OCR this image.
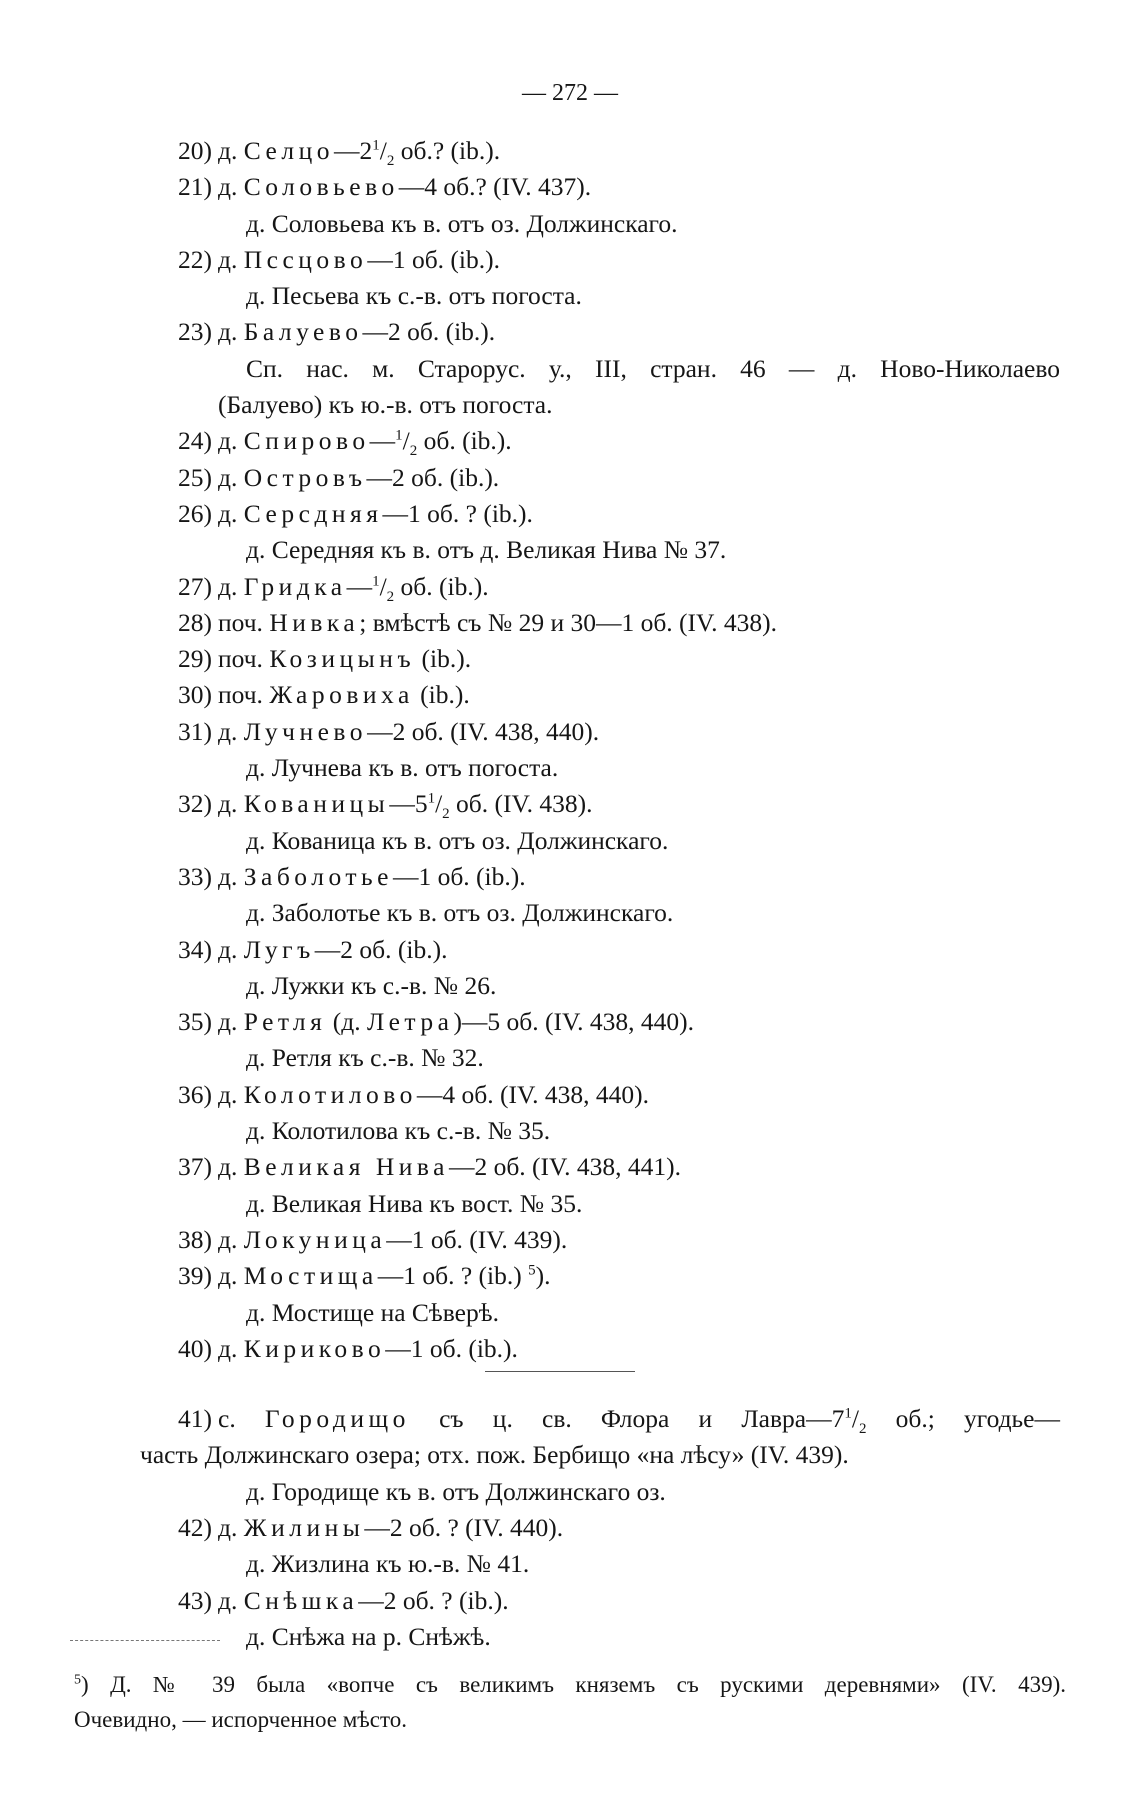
— 272 —
20) д. $Селцо—2^1/_2$ об.? (ib.).
21) д. Соловьево—4 об.? (IV. 437).
д. Соловьева къ в. отъ оз. Должинскаго.
22) д. Пссцово—1 об. (ib.).
д. Песьева къ с.-в. отъ погоста.
23) д. Балуево—2 об. (ib.).
Сп. нас. м. Старорус. у., III, стран. 46 — д. Ново-Николаево
(Балуево) къ ю.-в. отъ погоста.
24) д. $Спирово—^1/_2$ об. (ib.).
25) д. Островъ—2 об. (ib.).
26) д. Серсдняя—1 об. ? (ib.).
д. Середняя къ в. отъ д. Великая Нива № 37.
27) д. $Гридка—^1/_2$ об. (ib.).
28) поч. Нивка; вмѣстѣ съ № 29 и 30—1 об. (IV. 438).
29) поч. Козицынъ (ib.).
30) поч. Жаровиха (ib.).
31) д. Лучнево—2 об. (IV. 438, 440).
д. Лучнева къ в. отъ погоста.
32) д. $Кованицы—5^1/_2$ об. (IV. 438).
д. Кованица къ в. отъ оз. Должинскаго.
33) д. Заболотье—1 об. (ib.).
д. Заболотье къ в. отъ оз. Должинскаго.
34) д. Лугъ—2 об. (ib.).
д. Лужки къ с.-в. № 26.
35) д. Ретля (д. Летра)—5 об. (IV. 438, 440).
д. Ретля къ с.-в. № 32.
36) д. Колотилово—4 об. (IV. 438, 440).
д. Колотилова къ с.-в. № 35.
37) д. Великая Нива—2 об. (IV. 438, 441).
д. Великая Нива къ вост. № 35.
38) д. Локуница—1 об. (IV. 439).
39) д. Мостища—1 об. ? (ib.) $^5$).
д. Мостище на Сѣверѣ.
40) д. Кириково—1 об. (ib.).
41) с. Городищо съ ц. св. Флора и $Лавра—7^1/_2$ об.; угодье—
часть Должинскаго озера; отх. пож. Бербищо «на лѣсу» (IV. 439).
д. Городище къ в. отъ Должинскаго оз.
42) д. Жилины—2 об. ? (IV. 440).
д. Жизлина къ ю.-в. № 41.
43) д. Снѣшка—2 об. ? (ib.).
д. Снѣжа на р. Снѣжѣ.
$^5$) Д. № 39 была «вопче съ великимъ княземъ съ рускими деревнями» (IV. 439).
Очевидно, — испорченное мѣсто.
